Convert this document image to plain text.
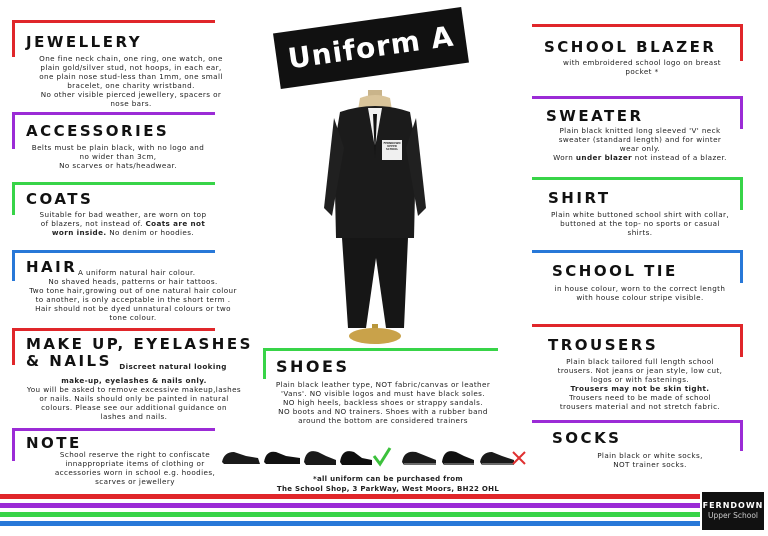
Uniform A
JEWELLERY
One fine neck chain, one ring, one watch, one
plain gold/silver stud, not hoops, in each ear,
one plain nose stud-less than 1mm, one small
bracelet, one charity wristband.
No other visible pierced jewellery, spacers or
nose bars.
ACCESSORIES
Belts must be plain black, with no logo and
no wider than 3cm,
No scarves or hats/headwear.
COATS
Suitable for bad weather, are worn on top
of blazers, not instead of. Coats are not
worn inside. No denim or hoodies.
HAIR A uniform natural hair colour.
No shaved heads, patterns or hair tattoos.
Two tone hair,growing out of one natural hair colour
to another, is only acceptable in the short term .
Hair should not be dyed unnatural colours or two
tone colour.
MAKE UP, EYELASHES
& NAILS Discreet natural looking
make-up, eyelashes & nails only.
You will be asked to remove excessive makeup,lashes
or nails. Nails should only be painted in natural
colours. Please see our additional guidance on
lashes and nails.
NOTE
School reserve the right to confiscate
innappropriate items of clothing or
accessories worn in school e.g. hoodies,
scarves or jewellery
FERNDOWN
UPPER
SCHOOL
SHOES
Plain black leather type, NOT fabric/canvas or leather
'Vans'. NO visible logos and must have black soles.
NO high heels, backless shoes or strappy sandals.
NO boots and NO trainers. Shoes with a rubber band
around the bottom are considered trainers
*all uniform can be purchased from
The School Shop, 3 ParkWay, West Moors, BH22 OHL
SCHOOL BLAZER
with embroidered school logo on breast
pocket *
SWEATER
Plain black knitted long sleeved 'V' neck
sweater (standard length) and for winter
wear only.
Worn under blazer not instead of a blazer.
SHIRT
Plain white buttoned school shirt with collar,
buttoned at the top- no sports or casual
shirts.
SCHOOL TIE
in house colour, worn to the correct length
with house colour stripe visible.
TROUSERS
Plain black tailored full length school
trousers. Not jeans or jean style, low cut,
logos or with fastenings.
Trousers may not be skin tight.
Trousers need to be made of school
trousers material and not stretch fabric.
SOCKS
Plain black or white socks,
NOT trainer socks.
FERNDOWN
Upper School
